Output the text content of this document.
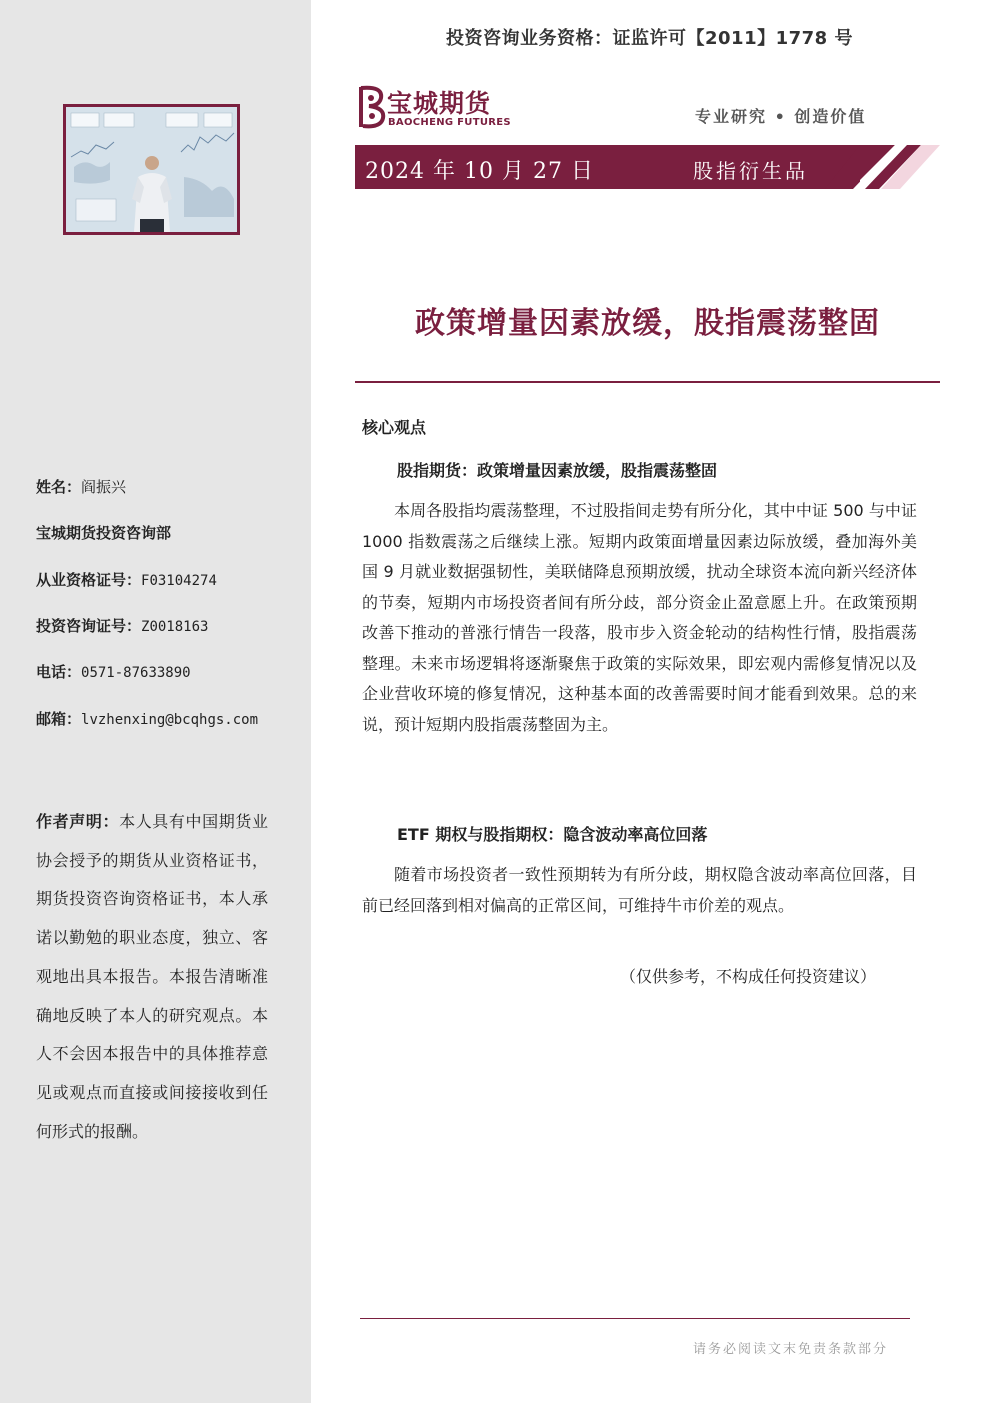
姓名：阎振兴
宝城期货投资咨询部
从业资格证号：F03104274
投资咨询证号：Z0018163
电话：0571-87633890
邮箱：lvzhenxing@bcqhgs.com

作者声明：本人具有中国期货业协会授予的期货从业资格证书，期货投资咨询资格证书，本人承诺以勤勉的职业态度，独立、客观地出具本报告。本报告清晰准确地反映了本人的研究观点。本人不会因本报告中的具体推荐意见或观点而直接或间接接收到任何形式的报酬。

投资咨询业务资格：证监许可【2011】1778 号
宝城期货
BAOCHENG FUTURES	专业研究 • 创造价值
2024 年 10 月 27 日	股指衍生品
政策增量因素放缓，股指震荡整固
核心观点
股指期货：政策增量因素放缓，股指震荡整固

本周各股指均震荡整理，不过股指间走势有所分化，其中中证 500 与中证 1000 指数震荡之后继续上涨。短期内政策面增量因素边际放缓，叠加海外美国 9 月就业数据强韧性，美联储降息预期放缓，扰动全球资本流向新兴经济体的节奏，短期内市场投资者间有所分歧，部分资金止盈意愿上升。在政策预期改善下推动的普涨行情告一段落，股市步入资金轮动的结构性行情，股指震荡整理。未来市场逻辑将逐渐聚焦于政策的实际效果，即宏观内需修复情况以及企业营收环境的修复情况，这种基本面的改善需要时间才能看到效果。总的来说，预计短期内股指震荡整固为主。

ETF 期权与股指期权：隐含波动率高位回落

随着市场投资者一致性预期转为有所分歧，期权隐含波动率高位回落，目前已经回落到相对偏高的正常区间，可维持牛市价差的观点。

（仅供参考，不构成任何投资建议）
请务必阅读文末免责条款部分
